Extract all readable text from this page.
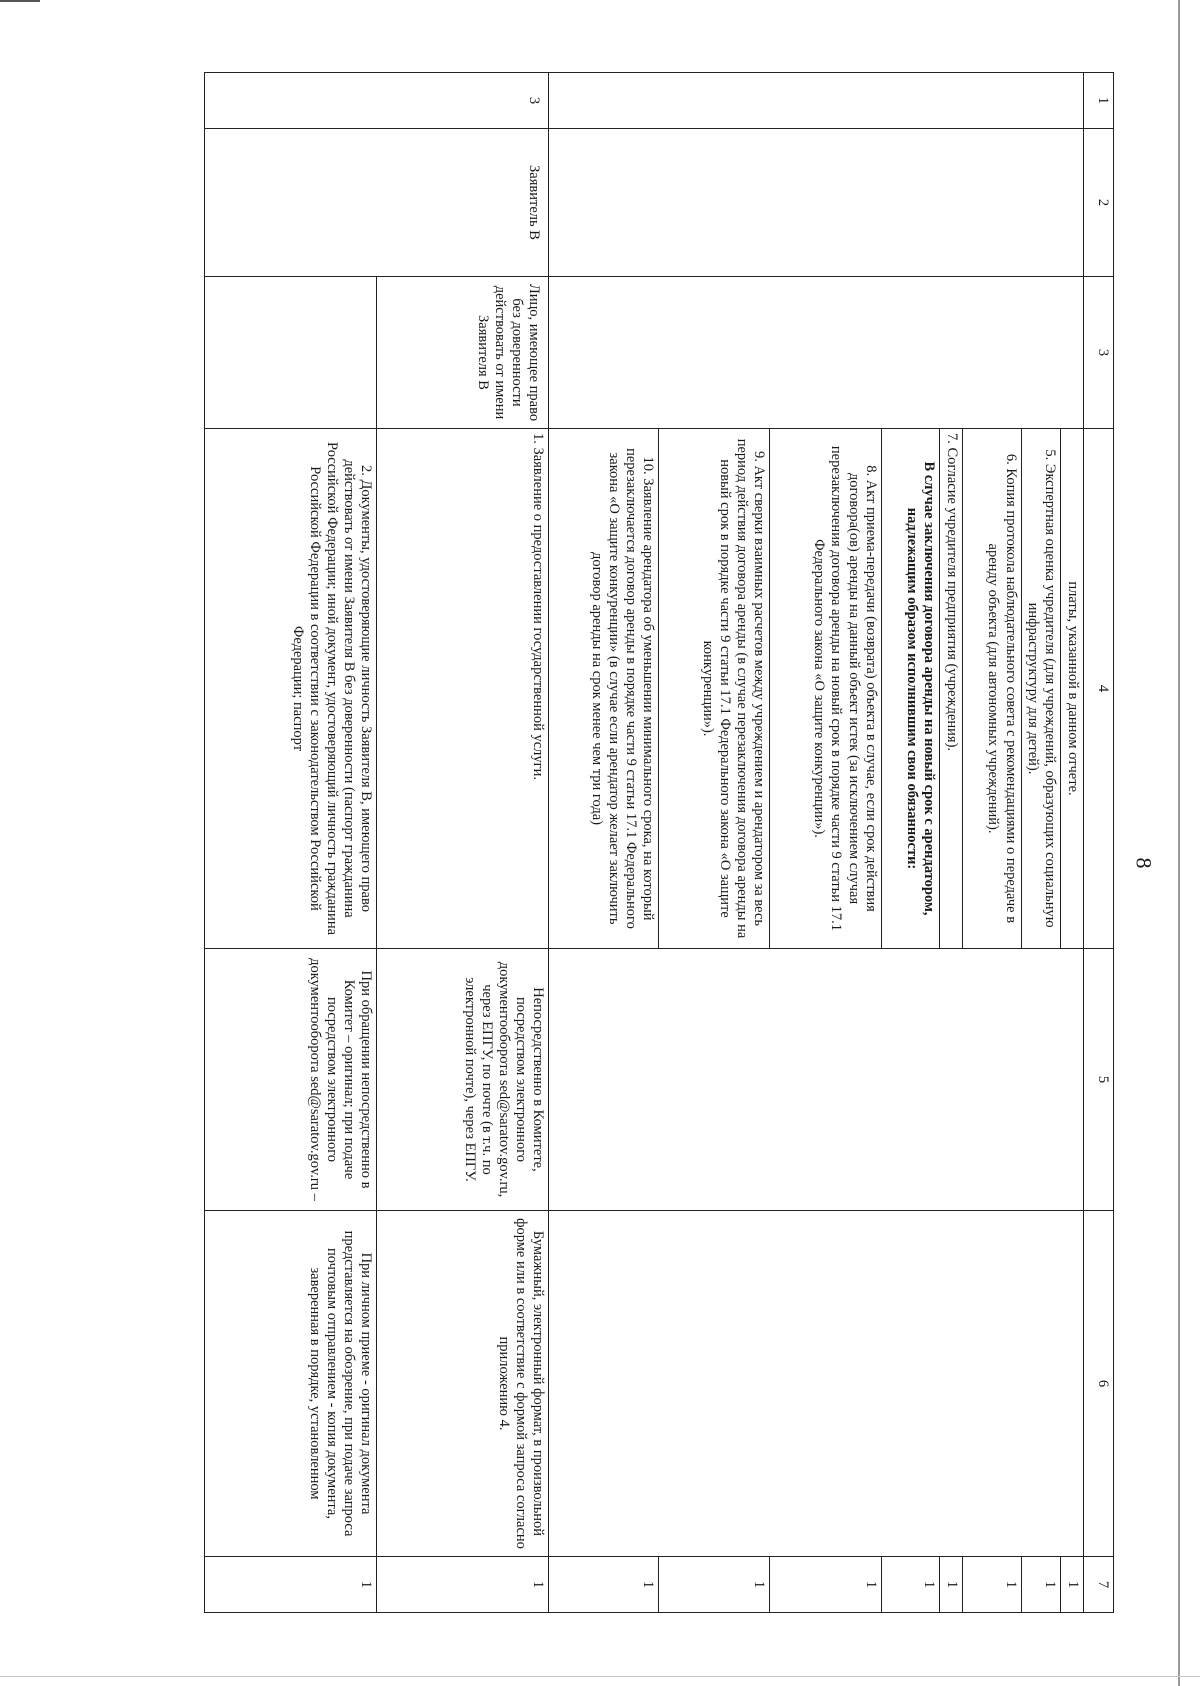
8
1	2	3	4	5	6	7
			платы, указанной в данном отчете.			1
			5. Экспертная оценка учредителя (для учреждений, образующих социальную инфраструктуру для детей).			1
			6. Копия протокола наблюдательного совета с рекомендациями о передаче в аренду объекта (для автономных учреждений).			1
			7. Согласие учредителя предприятия (учреждения).			1
			В случае заключения договора аренды на новый срок с арендатором, надлежащим образом исполнившим свои обязанности:			1
			8. Акт приема-передачи (возврата) объекта в случае, если срок действия договора(ов) аренды на данный объект истек (за исключением случая перезаключения договора аренды на новый срок в порядке части 9 статьи 17.1 Федерального закона «О защите конкуренции»).			1
			9. Акт сверки взаимных расчетов между учреждением и арендатором за весь период действия договора аренды (в случае перезаключения договора аренды на новый срок в порядке части 9 статьи 17.1 Федерального закона «О защите конкуренции»).			1
			10. Заявление арендатора об уменьшении минимального срока, на который перезаключается договор аренды в порядке части 9 статьи 17.1 Федерального закона «О защите конкуренции» (в случае если арендатор желает заключить договор аренды на срок менее чем три года)			1
3	Заявитель В	Лицо, имеющее право без доверенности действовать от имени Заявителя В	1. Заявление о предоставлении государственной услуги.	Непосредственно в Комитете, посредством электронного документооборота sed@saratov.gov.ru, через ЕПГУ, по почте (в т.ч. по электронной почте), через ЕПГУ.	Бумажный, электронный формат, в произвольной форме или в соответствие с формой запроса согласно приложению 4.	1
			2. Документы, удостоверяющие личность Заявителя В, имеющего право действовать от имени Заявителя В без доверенности (паспорт гражданина Российской Федерации; иной документ, удостоверяющий личность гражданина Российской Федерации в соответствии с законодательством Российской Федерации; паспорт	При обращении непосредственно в Комитет – оригинал; при подаче посредством электронного документооборота sed@saratov.gov.ru –	При личном приеме - оригинал документа представляется на обозрение, при подаче запроса почтовым отправлением - копия документа, заверенная в порядке, установленном	1
